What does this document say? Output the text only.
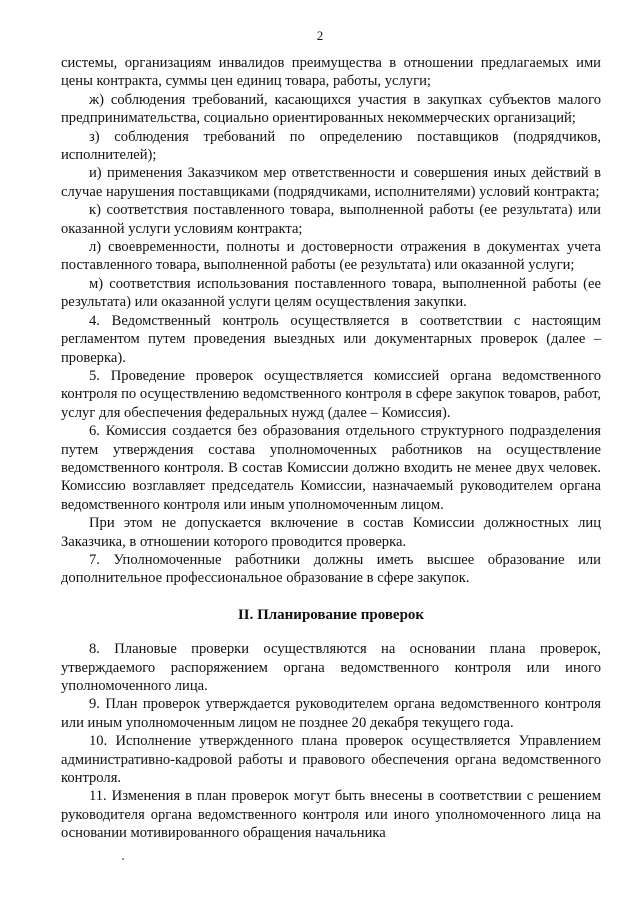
2

системы, организациям инвалидов преимущества в отношении предлагаемых ими цены контракта, суммы цен единиц товара, работы, услуги;

ж) соблюдения требований, касающихся участия в закупках субъектов малого предпринимательства, социально ориентированных некоммерческих организаций;

з) соблюдения требований по определению поставщиков (подрядчиков, исполнителей);

и) применения Заказчиком мер ответственности и совершения иных действий в случае нарушения поставщиками (подрядчиками, исполнителями) условий контракта;

к) соответствия поставленного товара, выполненной работы (ее результата) или оказанной услуги условиям контракта;

л) своевременности, полноты и достоверности отражения в документах учета поставленного товара, выполненной работы (ее результата) или оказанной услуги;

м) соответствия использования поставленного товара, выполненной работы (ее результата) или оказанной услуги целям осуществления закупки.

4. Ведомственный контроль осуществляется в соответствии с настоящим регламентом путем проведения выездных или документарных проверок (далее – проверка).

5. Проведение проверок осуществляется комиссией органа ведомственного контроля по осуществлению ведомственного контроля в сфере закупок товаров, работ, услуг для обеспечения федеральных нужд (далее – Комиссия).

6. Комиссия создается без образования отдельного структурного подразделения путем утверждения состава уполномоченных работников на осуществление ведомственного контроля. В состав Комиссии должно входить не менее двух человек. Комиссию возглавляет председатель Комиссии, назначаемый руководителем органа ведомственного контроля или иным уполномоченным лицом.

При этом не допускается включение в состав Комиссии должностных лиц Заказчика, в отношении которого проводится проверка.

7. Уполномоченные работники должны иметь высшее образование или дополнительное профессиональное образование в сфере закупок.

II. Планирование проверок

8. Плановые проверки осуществляются на основании плана проверок, утверждаемого распоряжением органа ведомственного контроля или иного уполномоченного лица.

9. План проверок утверждается руководителем органа ведомственного контроля или иным уполномоченным лицом не позднее 20 декабря текущего года.

10. Исполнение утвержденного плана проверок осуществляется Управлением административно-кадровой работы и правового обеспечения органа ведомственного контроля.

11. Изменения в план проверок могут быть внесены в соответствии с решением руководителя органа ведомственного контроля или иного уполномоченного лица на основании мотивированного обращения начальника
